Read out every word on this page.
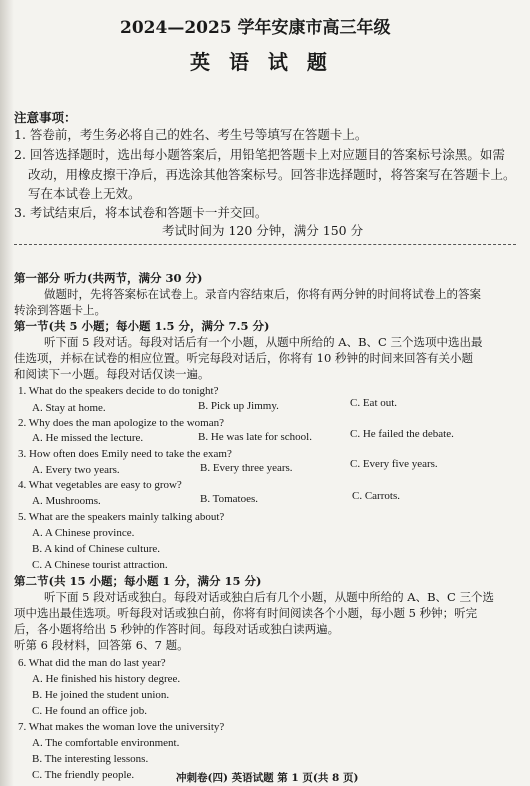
2024—2025 学年安康市高三年级
英 语 试 题
注意事项：
1. 答卷前，考生务必将自己的姓名、考生号等填写在答题卡上。
2. 回答选择题时，选出每小题答案后，用铅笔把答题卡上对应题目的答案标号涂黑。如需
改动，用橡皮擦干净后，再选涂其他答案标号。回答非选择题时，将答案写在答题卡上。
写在本试卷上无效。
3. 考试结束后，将本试卷和答题卡一并交回。
考试时间为 120 分钟，满分 150 分
第一部分 听力(共两节，满分 30 分)
做题时，先将答案标在试卷上。录音内容结束后，你将有两分钟的时间将试卷上的答案
转涂到答题卡上。
第一节(共 5 小题；每小题 1.5 分，满分 7.5 分)
听下面 5 段对话。每段对话后有一个小题，从题中所给的 A、B、C 三个选项中选出最
佳选项，并标在试卷的相应位置。听完每段对话后，你将有 10 秒钟的时间来回答有关小题
和阅读下一小题。每段对话仅读一遍。
1. What do the speakers decide to do tonight?
A. Stay at home.	B. Pick up Jimmy.	C. Eat out.
2. Why does the man apologize to the woman?
A. He missed the lecture.	B. He was late for school.	C. He failed the debate.
3. How often does Emily need to take the exam?
A. Every two years.	B. Every three years.	C. Every five years.
4. What vegetables are easy to grow?
A. Mushrooms.	B. Tomatoes.	C. Carrots.
5. What are the speakers mainly talking about?
A. A Chinese province.
B. A kind of Chinese culture.
C. A Chinese tourist attraction.
第二节(共 15 小题；每小题 1 分，满分 15 分)
听下面 5 段对话或独白。每段对话或独白后有几个小题，从题中所给的 A、B、C 三个选
项中选出最佳选项。听每段对话或独白前，你将有时间阅读各个小题，每小题 5 秒钟；听完
后，各小题将给出 5 秒钟的作答时间。每段对话或独白读两遍。
听第 6 段材料，回答第 6、7 题。
6. What did the man do last year?
A. He finished his history degree.
B. He joined the student union.
C. He found an office job.
7. What makes the woman love the university?
A. The comfortable environment.
B. The interesting lessons.
C. The friendly people.	冲刺卷(四) 英语试题 第 1 页(共 8 页)
